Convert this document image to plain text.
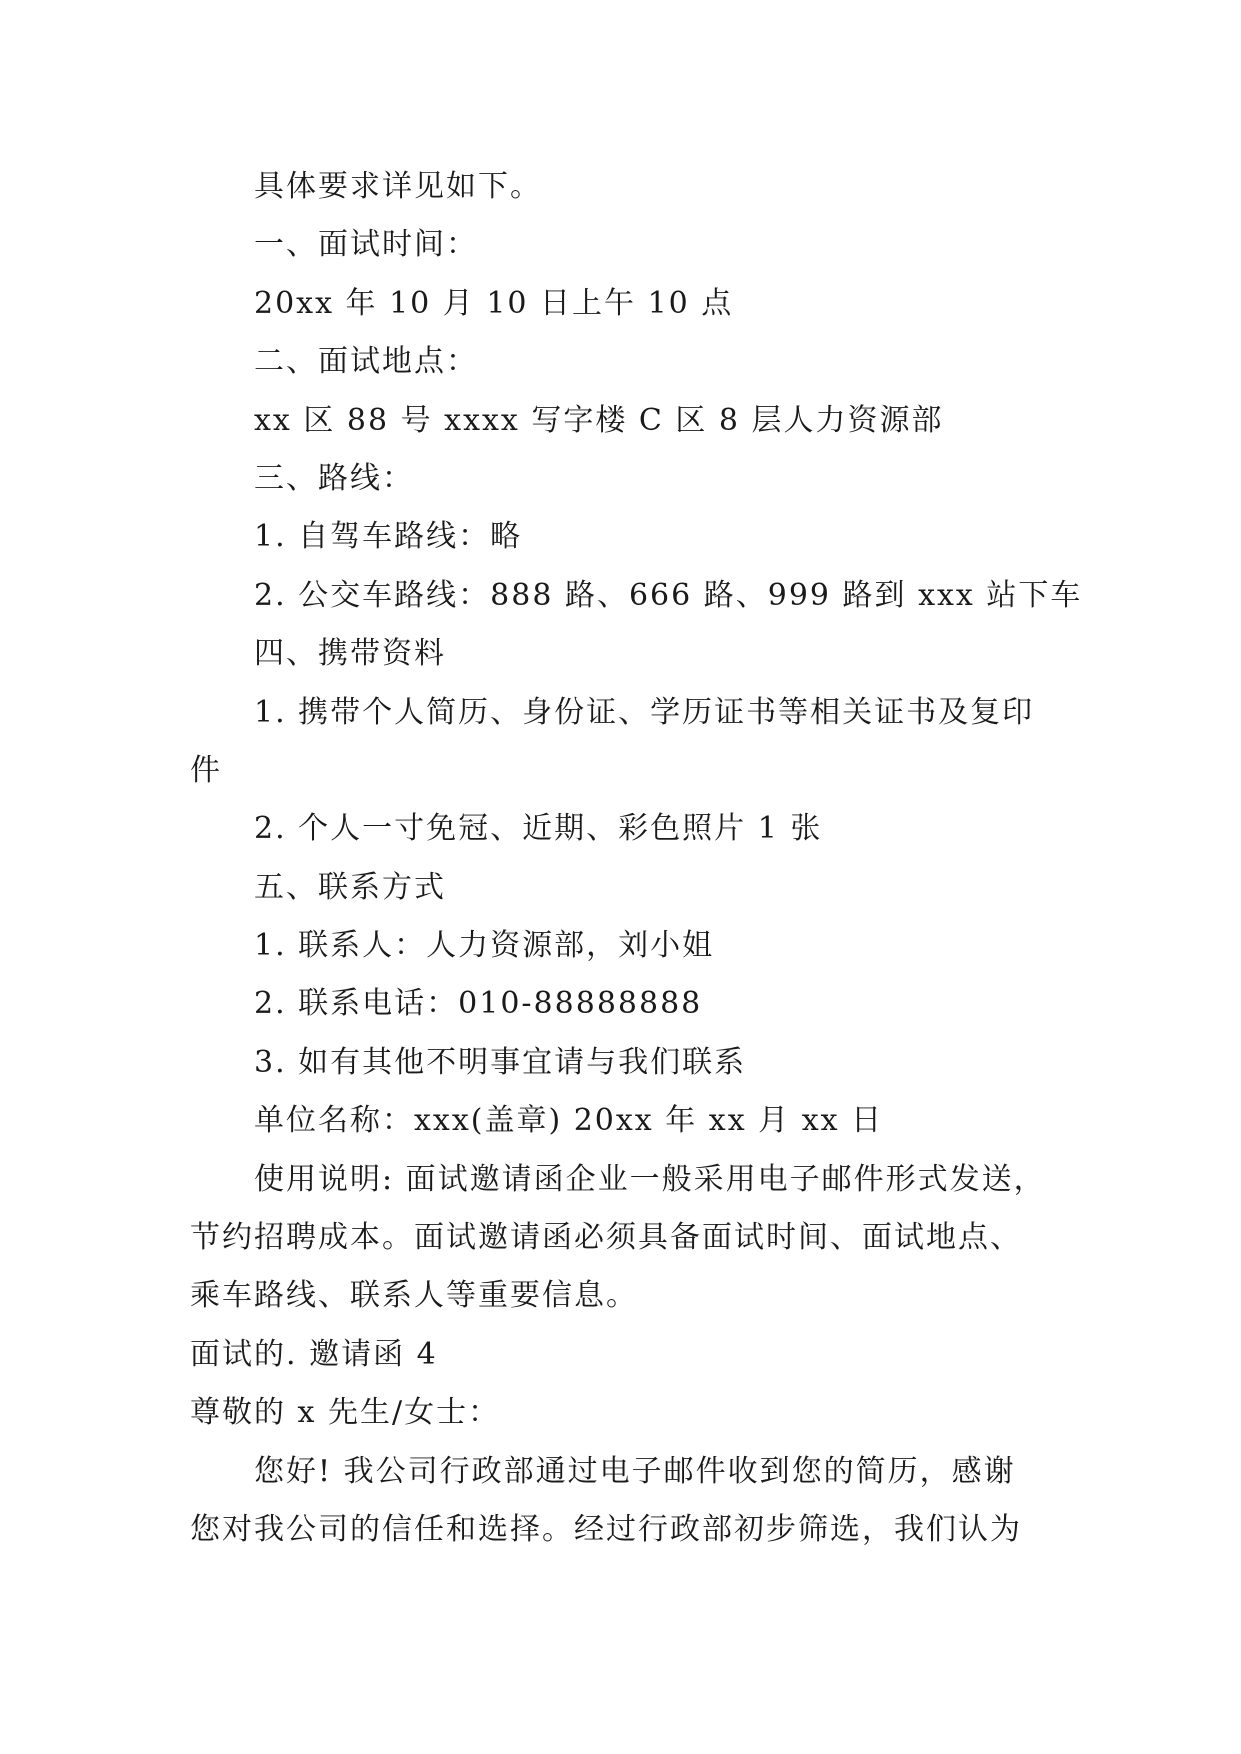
具体要求详见如下。
一、面试时间：
20xx 年 10 月 10 日上午 10 点
二、面试地点：
xx 区 88 号 xxxx 写字楼 C 区 8 层人力资源部
三、路线：
1. 自驾车路线：略
2. 公交车路线：888 路、666 路、999 路到 xxx 站下车
四、携带资料
1. 携带个人简历、身份证、学历证书等相关证书及复印
件
2. 个人一寸免冠、近期、彩色照片 1 张
五、联系方式
1. 联系人：人力资源部，刘小姐
2. 联系电话：010-88888888
3. 如有其他不明事宜请与我们联系
单位名称：xxx(盖章) 20xx 年 xx 月 xx 日
使用说明: 面试邀请函企业一般采用电子邮件形式发送，
节约招聘成本。面试邀请函必须具备面试时间、面试地点、
乘车路线、联系人等重要信息。
面试的. 邀请函 4
尊敬的 x 先生/女士：
您好! 我公司行政部通过电子邮件收到您的简历，感谢
您对我公司的信任和选择。经过行政部初步筛选，我们认为
